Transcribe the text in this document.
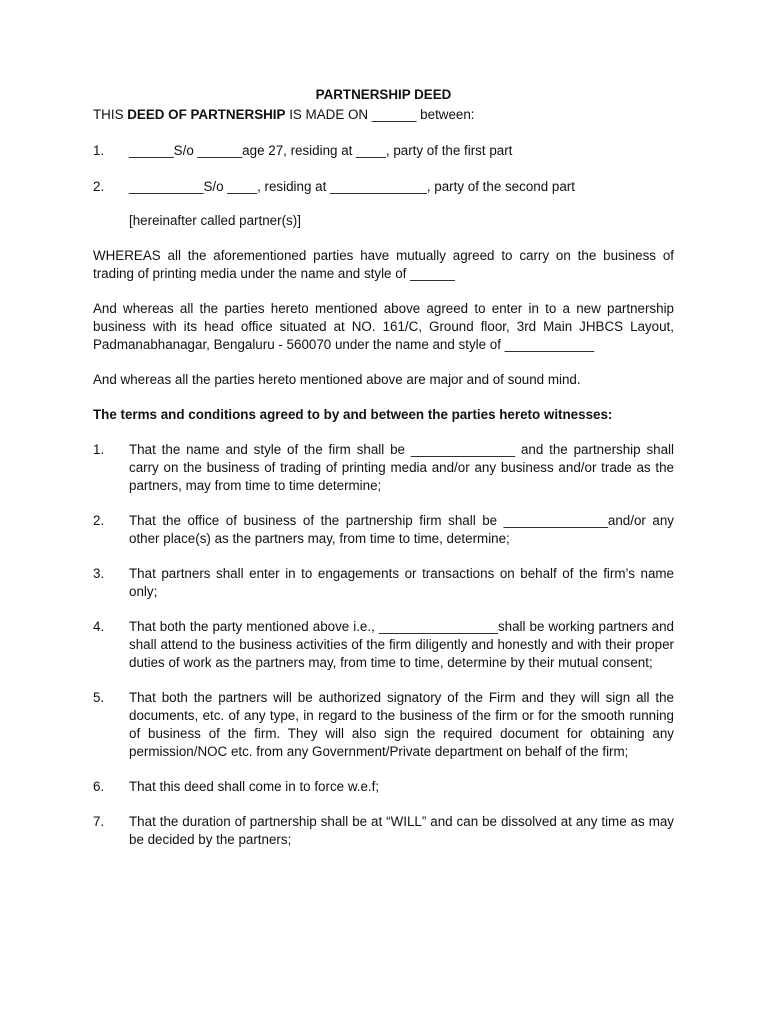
PARTNERSHIP DEED

THIS DEED OF PARTNERSHIP IS MADE ON ______ between:

1.	______S/o ______age 27, residing at ____, party of the first part
2.	__________S/o ____, residing at _____________, party of the second part

[hereinafter called partner(s)]

WHEREAS all the aforementioned parties have mutually agreed to carry on the business of trading of printing media under the name and style of ______

And whereas all the parties hereto mentioned above agreed to enter in to a new partnership business with its head office situated at NO. 161/C, Ground floor, 3rd Main JHBCS Layout, Padmanabhanagar, Bengaluru - 560070 under the name and style of ____________

And whereas all the parties hereto mentioned above are major and of sound mind.

The terms and conditions agreed to by and between the parties hereto witnesses:

1.	That the name and style of the firm shall be ______________ and the partnership shall carry on the business of trading of printing media and/or any business and/or trade as the partners, may from time to time determine;
2.	That the office of business of the partnership firm shall be ______________and/or any other place(s) as the partners may, from time to time, determine;
3.	That partners shall enter in to engagements or transactions on behalf of the firm’s name only;
4.	That both the party mentioned above i.e., ________________shall be working partners and shall attend to the business activities of the firm diligently and honestly and with their proper duties of work as the partners may, from time to time, determine by their mutual consent;
5.	That both the partners will be authorized signatory of the Firm and they will sign all the documents, etc. of any type, in regard to the business of the firm or for the smooth running of business of the firm. They will also sign the required document for obtaining any permission/NOC etc. from any Government/Private department on behalf of the firm;
6.	That this deed shall come in to force w.e.f;
7.	That the duration of partnership shall be at “WILL” and can be dissolved at any time as may be decided by the partners;
